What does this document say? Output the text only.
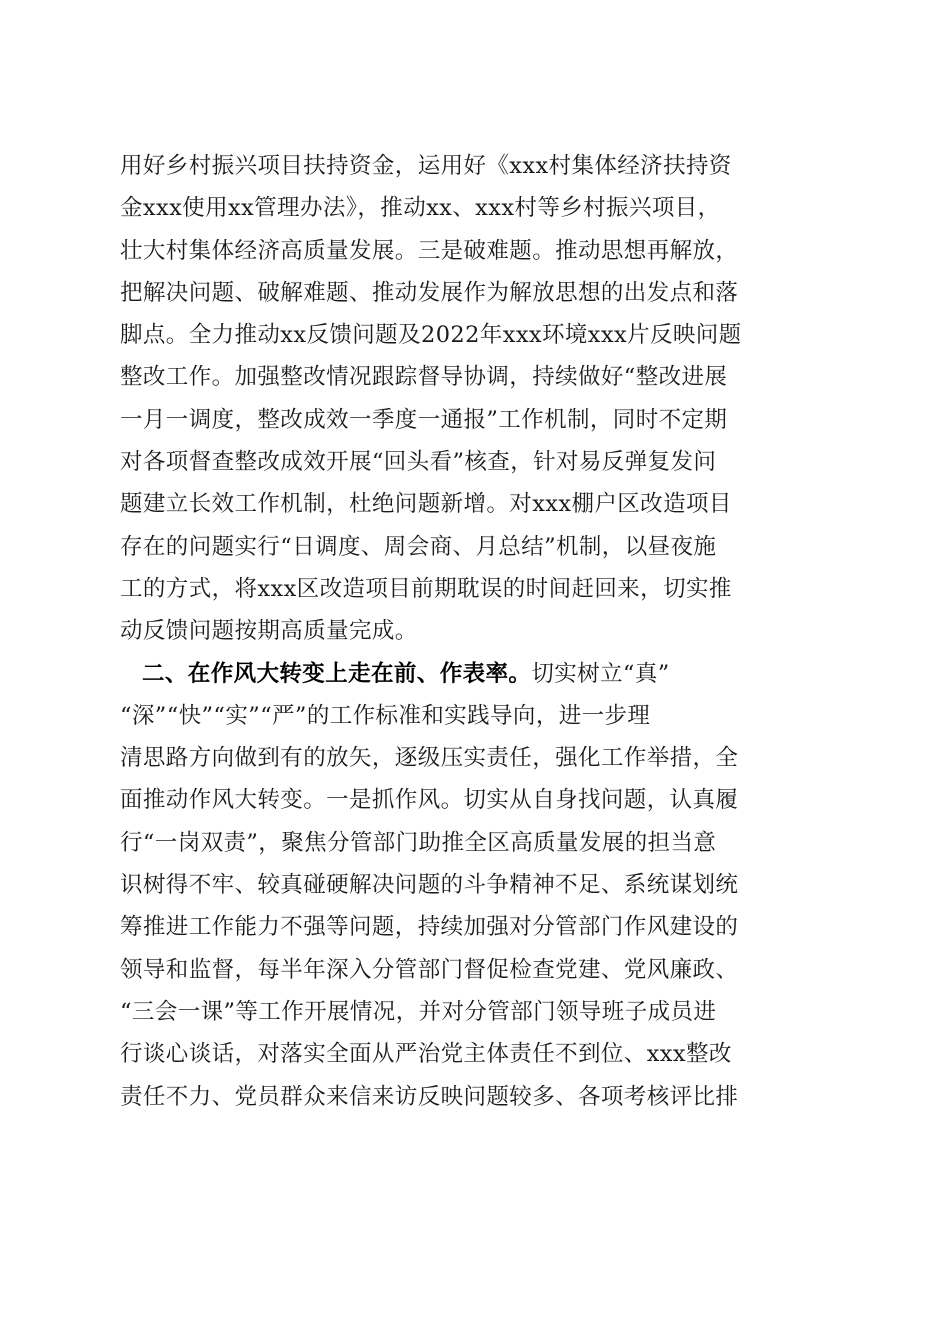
用好乡村振兴项目扶持资金，运用好《xxx村集体经济扶持资
金xxx使用xx管理办法》，推动xx、xxx村等乡村振兴项目，
壮大村集体经济高质量发展。三是破难题。推动思想再解放，
把解决问题、破解难题、推动发展作为解放思想的出发点和落
脚点。全力推动xx反馈问题及2022年xxx环境xxx片反映问题
整改工作。加强整改情况跟踪督导协调，持续做好“整改进展
一月一调度，整改成效一季度一通报”工作机制，同时不定期
对各项督查整改成效开展“回头看”核查，针对易反弹复发问
题建立长效工作机制，杜绝问题新增。对xxx棚户区改造项目
存在的问题实行“日调度、周会商、月总结”机制，以昼夜施
工的方式，将xxx区改造项目前期耽误的时间赶回来，切实推
动反馈问题按期高质量完成。
二、在作风大转变上走在前、作表率。切实树立“真”
“深”“快”“实”“严”的工作标准和实践导向，进一步理
清思路方向做到有的放矢，逐级压实责任，强化工作举措，全
面推动作风大转变。一是抓作风。切实从自身找问题，认真履
行“一岗双责”，聚焦分管部门助推全区高质量发展的担当意
识树得不牢、较真碰硬解决问题的斗争精神不足、系统谋划统
筹推进工作能力不强等问题，持续加强对分管部门作风建设的
领导和监督，每半年深入分管部门督促检查党建、党风廉政、
“三会一课”等工作开展情况，并对分管部门领导班子成员进
行谈心谈话，对落实全面从严治党主体责任不到位、xxx整改
责任不力、党员群众来信来访反映问题较多、各项考核评比排
